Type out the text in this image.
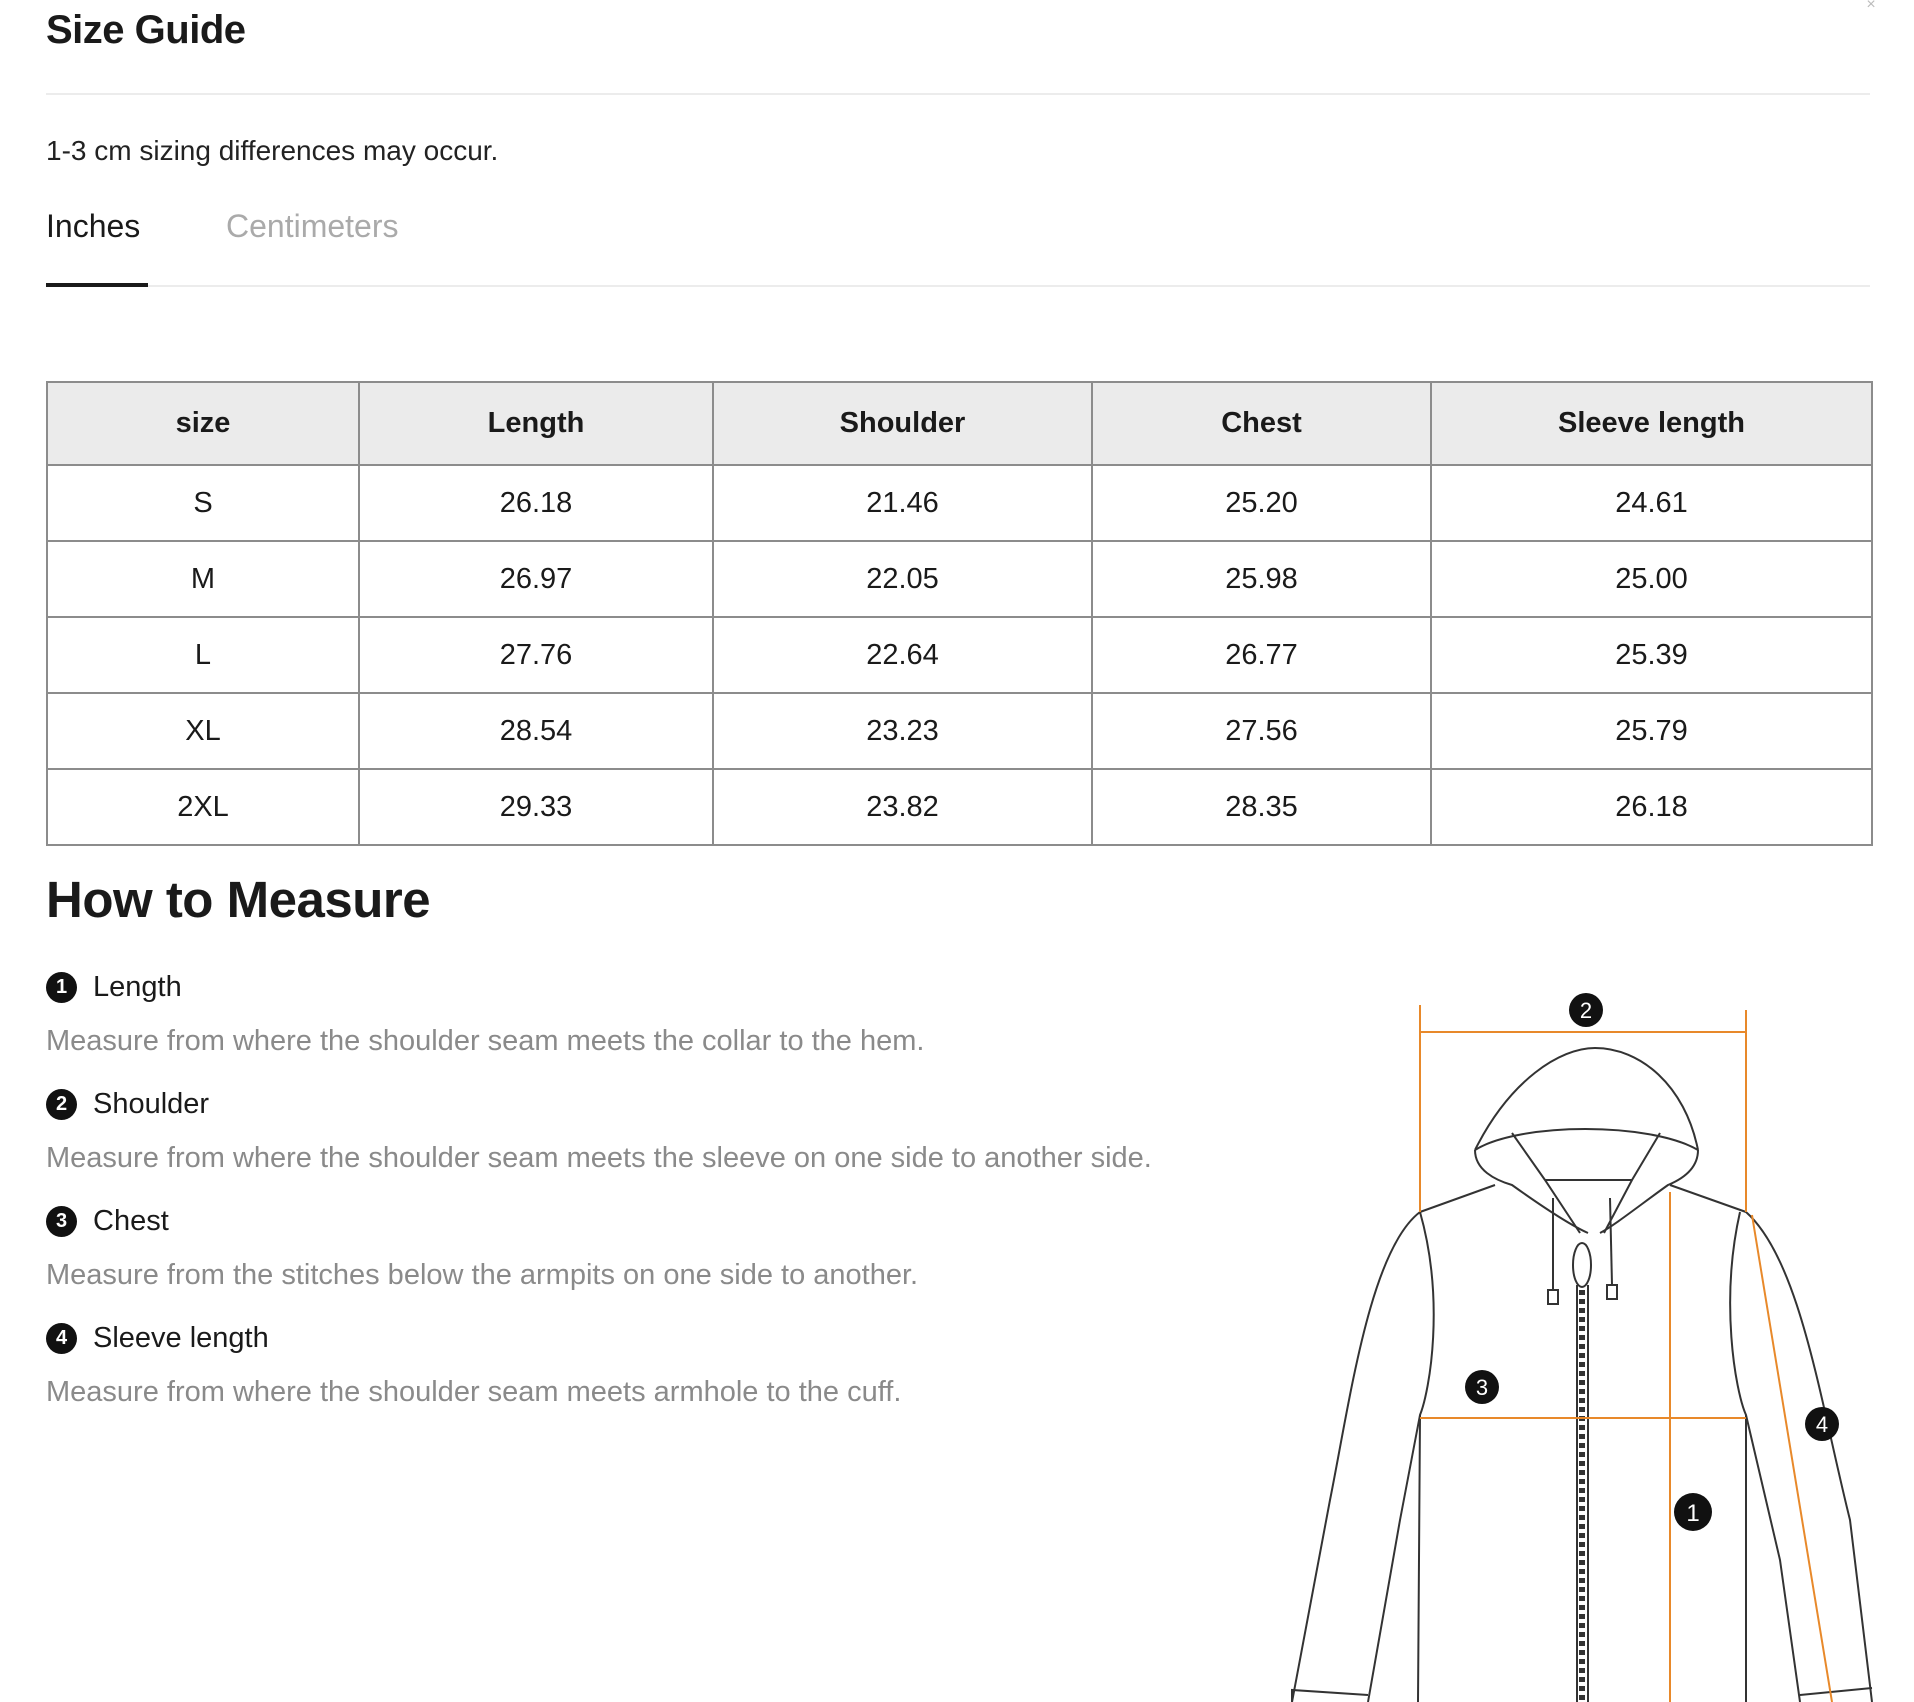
×
Size Guide
1-3 cm sizing differences may occur.
Inches	Centimeters
size	Length	Shoulder	Chest	Sleeve length
S	26.18	21.46	25.20	24.61
M	26.97	22.05	25.98	25.00
L	27.76	22.64	26.77	25.39
XL	28.54	23.23	27.56	25.79
2XL	29.33	23.82	28.35	26.18
How to Measure
1 Length
Measure from where the shoulder seam meets the collar to the hem.
2 Shoulder
Measure from where the shoulder seam meets the sleeve on one side to another side.
3 Chest
Measure from the stitches below the armpits on one side to another.
4 Sleeve length
Measure from where the shoulder seam meets armhole to the cuff.
2
3
4
1
